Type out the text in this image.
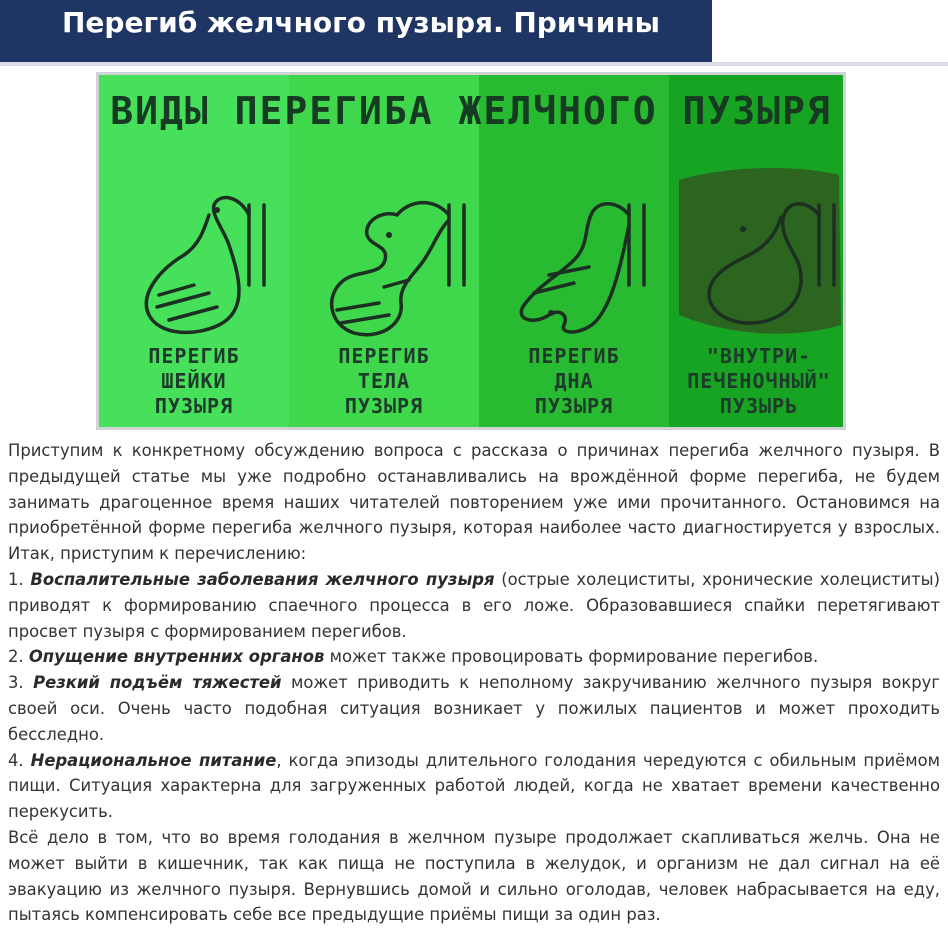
Перегиб желчного пузыря. Причины
ПЕРЕГИБ
ШЕЙКИ
ПУЗЫРЯ
ПЕРЕГИБ
ТЕЛА
ПУЗЫРЯ
ПЕРЕГИБ
ДНА
ПУЗЫРЯ
"ВНУТРИ-
ПЕЧЕНОЧНЫЙ"
ПУЗЫРЬ
ВИДЫ ПЕРЕГИБА ЖЕЛЧНОГО ПУЗЫРЯ

Приступим к конкретному обсуждению вопроса с рассказа о причинах перегиба желчного пузыря. В предыдущей статье мы уже подробно останавливались на врождённой форме перегиба, не будем занимать драгоценное время наших читателей повторением уже ими прочитанного. Остановимся на приобретённой форме перегиба желчного пузыря, которая наиболее часто диагностируется у взрослых. Итак, приступим к перечислению:

1. Воспалительные заболевания желчного пузыря (острые холециститы, хронические холециститы) приводят к формированию спаечного процесса в его ложе. Образовавшиеся спайки перетягивают просвет пузыря с формированием перегибов.

2. Опущение внутренних органов может также провоцировать формирование перегибов.

3. Резкий подъём тяжестей может приводить к неполному закручиванию желчного пузыря вокруг своей оси. Очень часто подобная ситуация возникает у пожилых пациентов и может проходить бесследно.

4. Нерациональное питание, когда эпизоды длительного голодания чередуются с обильным приёмом пищи. Ситуация характерна для загруженных работой людей, когда не хватает времени качественно перекусить.

Всё дело в том, что во время голодания в желчном пузыре продолжает скапливаться желчь. Она не может выйти в кишечник, так как пища не поступила в желудок, и организм не дал сигнал на её эвакуацию из желчного пузыря. Вернувшись домой и сильно оголодав, человек набрасывается на еду, пытаясь компенсировать себе все предыдущие приёмы пищи за один раз.
